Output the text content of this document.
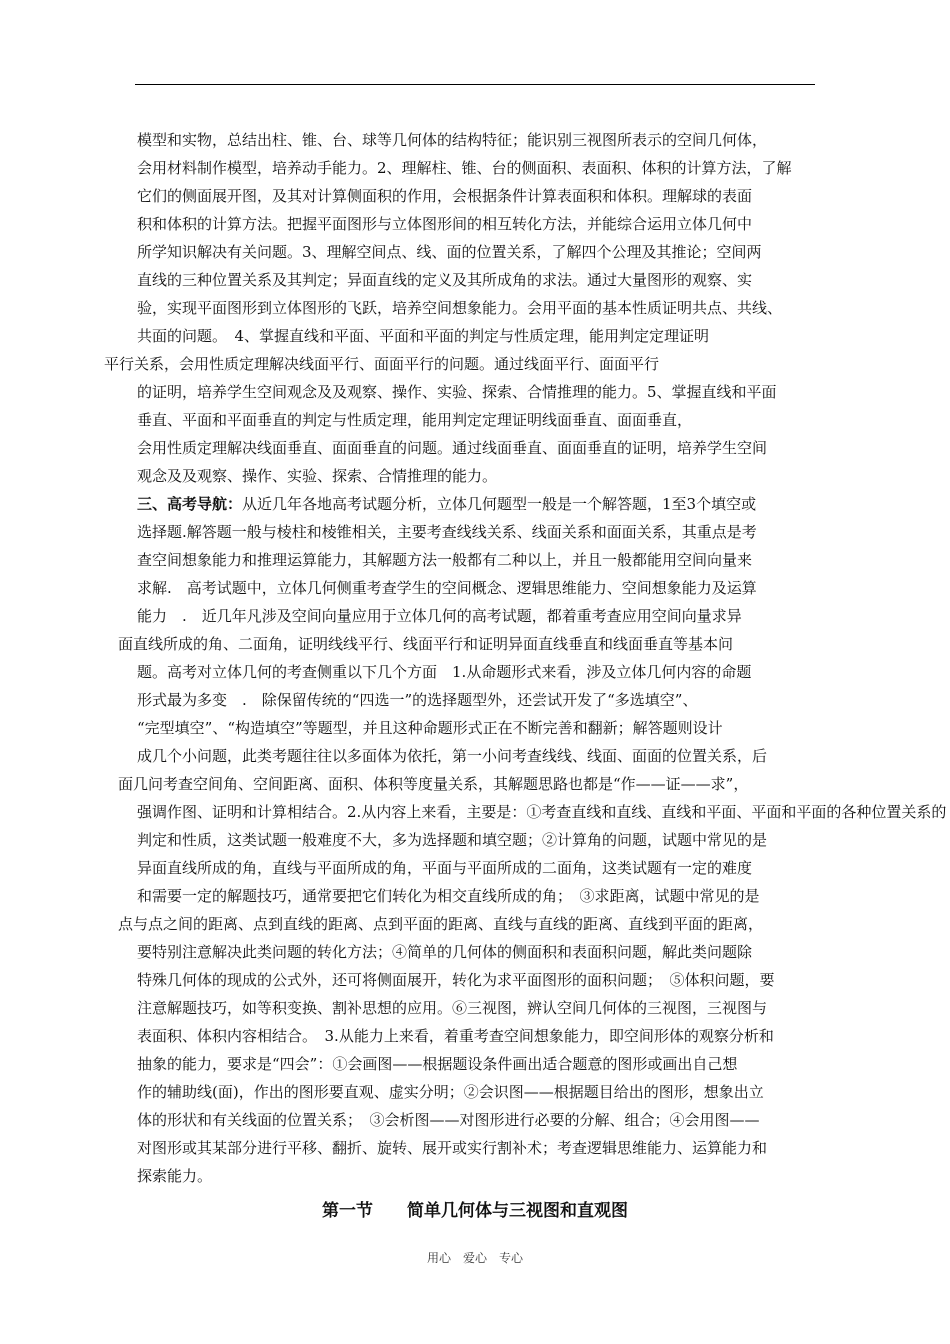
模型和实物，总结出柱、锥、台、球等几何体的结构特征；能识别三视图所表示的空间几何体，
会用材料制作模型，培养动手能力。2、理解柱、锥、台的侧面积、表面积、体积的计算方法，了解
它们的侧面展开图，及其对计算侧面积的作用，会根据条件计算表面积和体积。理解球的表面
积和体积的计算方法。把握平面图形与立体图形间的相互转化方法，并能综合运用立体几何中
所学知识解决有关问题。3、理解空间点、线、面的位置关系，了解四个公理及其推论；空间两
直线的三种位置关系及其判定；异面直线的定义及其所成角的求法。通过大量图形的观察、实
验，实现平面图形到立体图形的飞跃，培养空间想象能力。会用平面的基本性质证明共点、共线、
共面的问题。　4、掌握直线和平面、平面和平面的判定与性质定理，能用判定定理证明
平行关系，会用性质定理解决线面平行、面面平行的问题。通过线面平行、面面平行
的证明，培养学生空间观念及及观察、操作、实验、探索、合情推理的能力。5、掌握直线和平面
垂直、平面和平面垂直的判定与性质定理，能用判定定理证明线面垂直、面面垂直，
会用性质定理解决线面垂直、面面垂直的问题。通过线面垂直、面面垂直的证明，培养学生空间
观念及及观察、操作、实验、探索、合情推理的能力。
三、高考导航：从近几年各地高考试题分析，立体几何题型一般是一个解答题，1至3个填空或
选择题.解答题一般与棱柱和棱锥相关，主要考查线线关系、线面关系和面面关系，其重点是考
查空间想象能力和推理运算能力，其解题方法一般都有二种以上，并且一般都能用空间向量来
求解.　高考试题中，立体几何侧重考查学生的空间概念、逻辑思维能力、空间想象能力及运算
能力　.　近几年凡涉及空间向量应用于立体几何的高考试题，都着重考查应用空间向量求异
面直线所成的角、二面角，证明线线平行、线面平行和证明异面直线垂直和线面垂直等基本问
题。高考对立体几何的考查侧重以下几个方面　1.从命题形式来看，涉及立体几何内容的命题
形式最为多变　.　除保留传统的“四选一”的选择题型外，还尝试开发了“多选填空”、
“完型填空”、“构造填空”等题型，并且这种命题形式正在不断完善和翻新；解答题则设计
成几个小问题，此类考题往往以多面体为依托，第一小问考查线线、线面、面面的位置关系，后
面几问考查空间角、空间距离、面积、体积等度量关系，其解题思路也都是“作——证——求”，
强调作图、证明和计算相结合。2.从内容上来看，主要是：①考查直线和直线、直线和平面、平面和平面的各种位置关系的
判定和性质，这类试题一般难度不大，多为选择题和填空题；②计算角的问题，试题中常见的是
异面直线所成的角，直线与平面所成的角，平面与平面所成的二面角，这类试题有一定的难度
和需要一定的解题技巧，通常要把它们转化为相交直线所成的角；　③求距离，试题中常见的是
点与点之间的距离、点到直线的距离、点到平面的距离、直线与直线的距离、直线到平面的距离，
要特别注意解决此类问题的转化方法；④简单的几何体的侧面积和表面积问题，解此类问题除
特殊几何体的现成的公式外，还可将侧面展开，转化为求平面图形的面积问题；　⑤体积问题，要
注意解题技巧，如等积变换、割补思想的应用。⑥三视图，辨认空间几何体的三视图，三视图与
表面积、体积内容相结合。　3.从能力上来看，着重考查空间想象能力，即空间形体的观察分析和
抽象的能力，要求是“四会”：①会画图——根据题设条件画出适合题意的图形或画出自己想
作的辅助线(面)，作出的图形要直观、虚实分明；②会识图——根据题目给出的图形，想象出立
体的形状和有关线面的位置关系；　③会析图——对图形进行必要的分解、组合；④会用图——
对图形或其某部分进行平移、翻折、旋转、展开或实行割补术；考查逻辑思维能力、运算能力和
探索能力。
第一节　　简单几何体与三视图和直观图
用心　爱心　专心
